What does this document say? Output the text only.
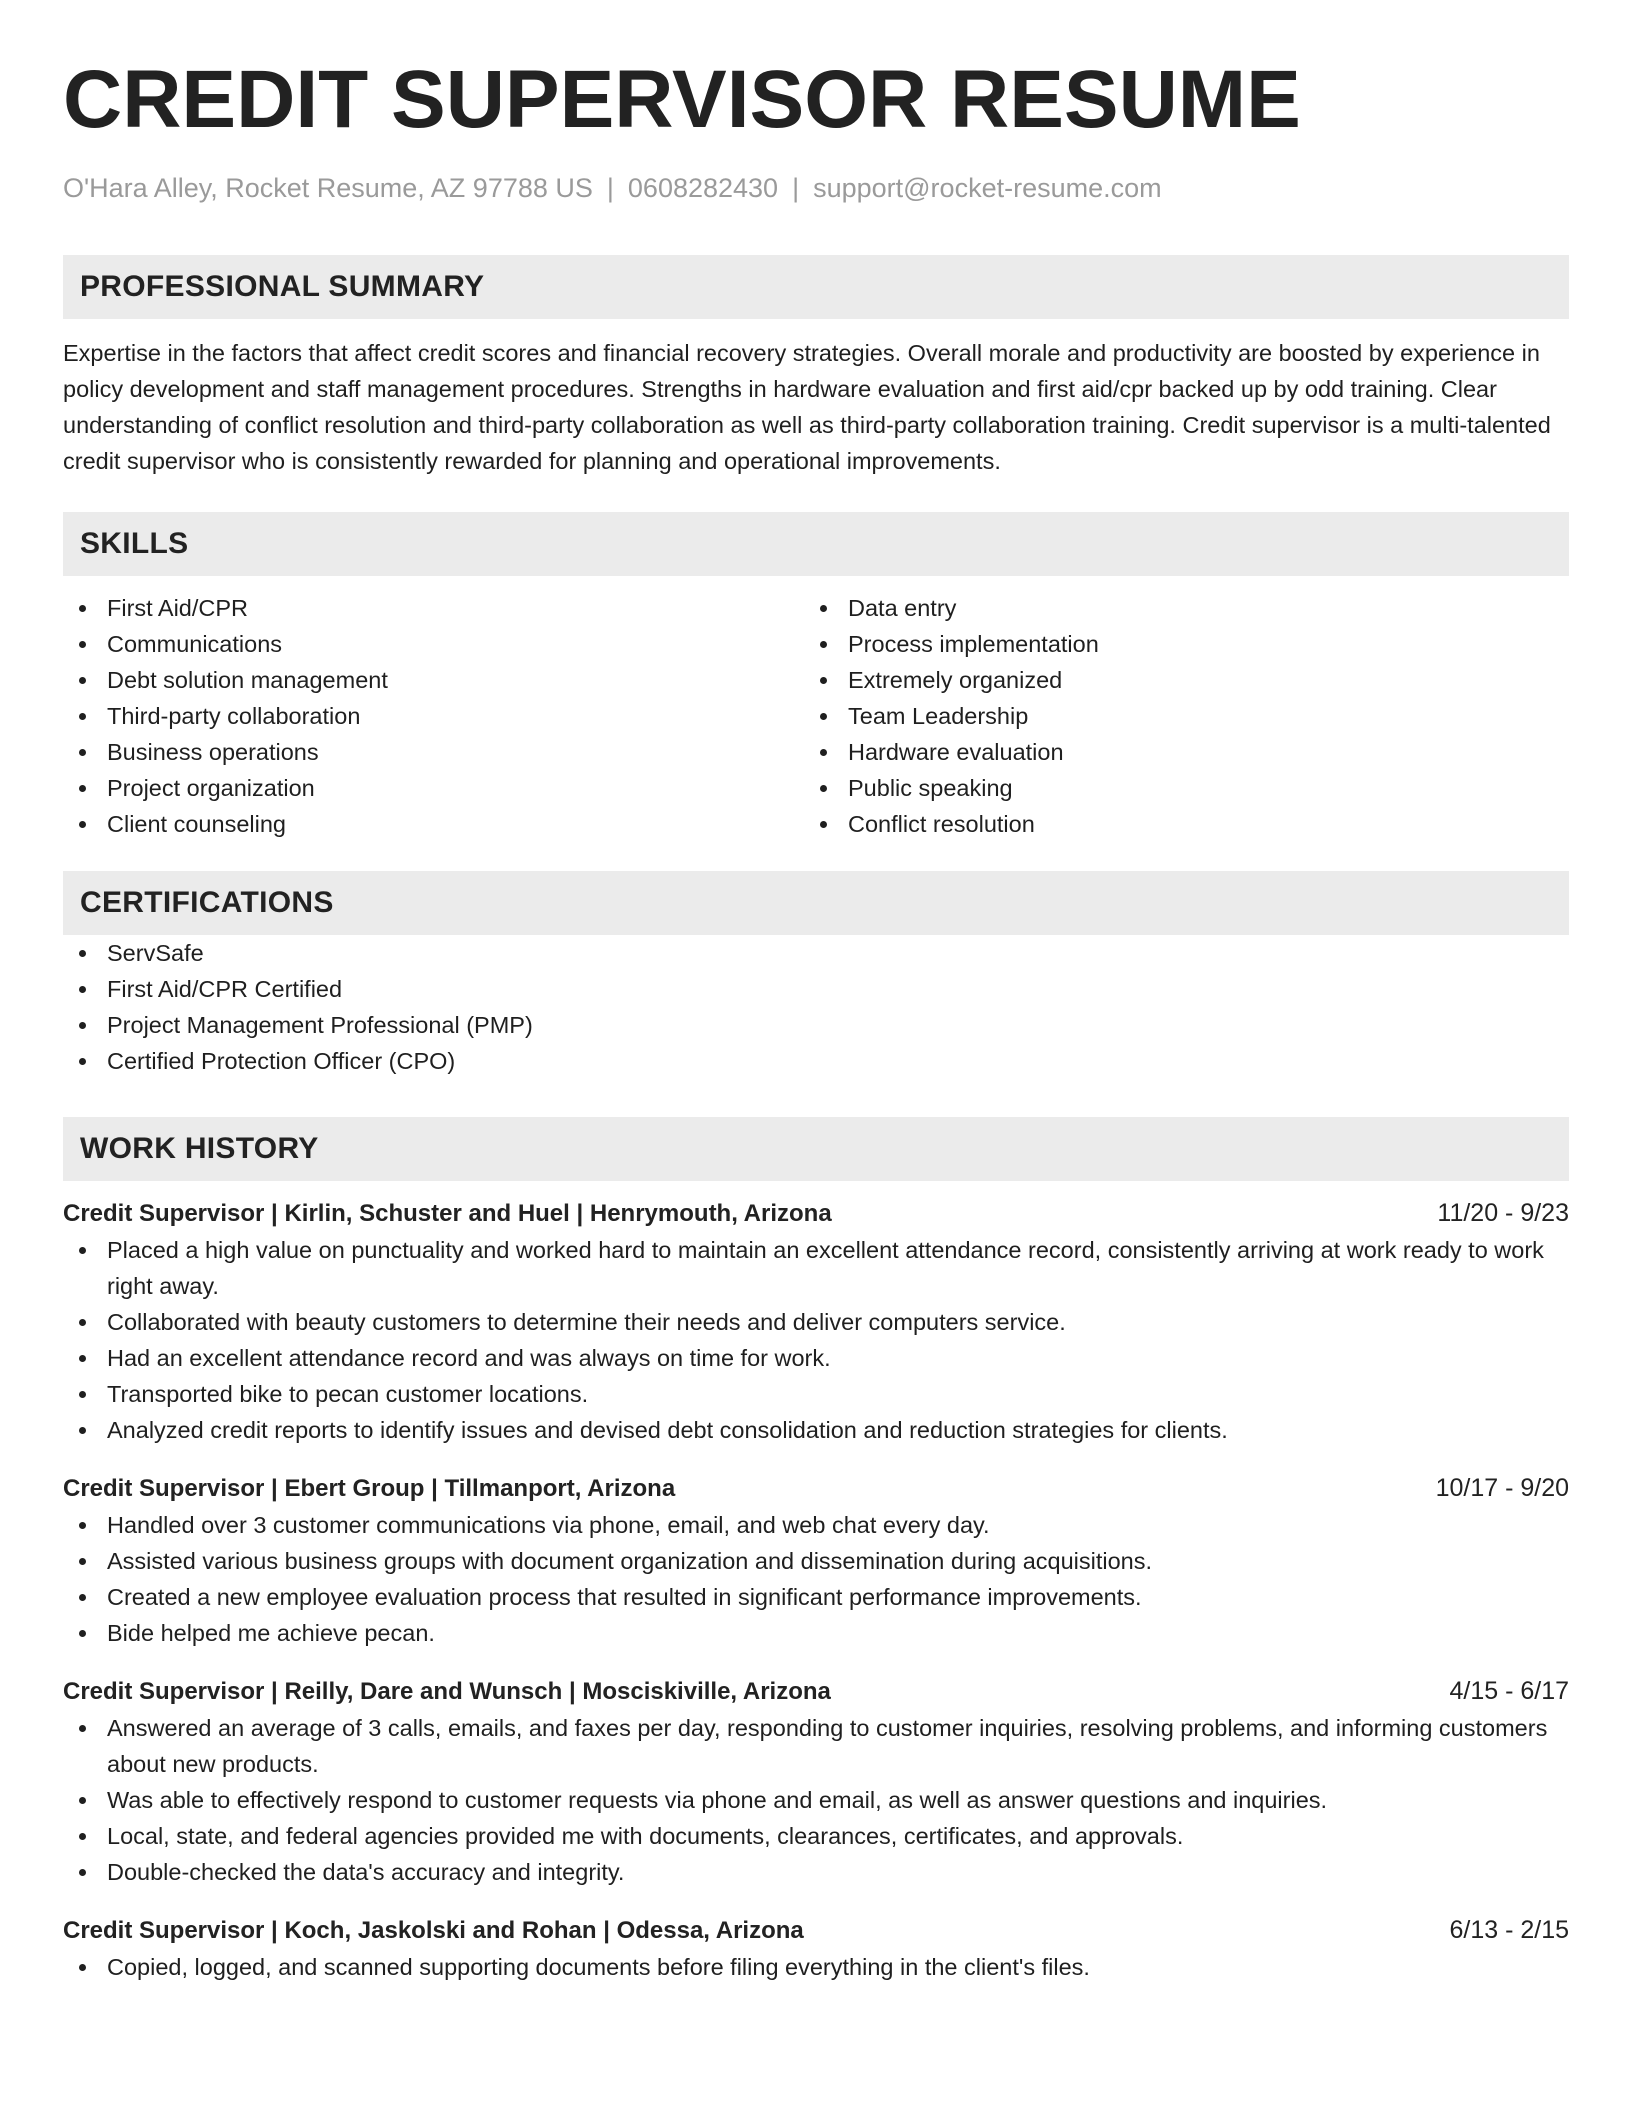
CREDIT SUPERVISOR RESUME
O'Hara Alley, Rocket Resume, AZ 97788 US | 0608282430 | support@rocket-resume.com
PROFESSIONAL SUMMARY

Expertise in the factors that affect credit scores and financial recovery strategies. Overall morale and productivity are boosted by experience in policy development and staff management procedures. Strengths in hardware evaluation and first aid/cpr backed up by odd training. Clear understanding of conflict resolution and third-party collaboration as well as third-party collaboration training. Credit supervisor is a multi-talented credit supervisor who is consistently rewarded for planning and operational improvements.

SKILLS
First Aid/CPR
Communications
Debt solution management
Third-party collaboration
Business operations
Project organization
Client counseling
Data entry
Process implementation
Extremely organized
Team Leadership
Hardware evaluation
Public speaking
Conflict resolution
CERTIFICATIONS
ServSafe
First Aid/CPR Certified
Project Management Professional (PMP)
Certified Protection Officer (CPO)
WORK HISTORY
Credit Supervisor | Kirlin, Schuster and Huel | Henrymouth, Arizona	11/20 - 9/23
Placed a high value on punctuality and worked hard to maintain an excellent attendance record, consistently arriving at work ready to work right away.
Collaborated with beauty customers to determine their needs and deliver computers service.
Had an excellent attendance record and was always on time for work.
Transported bike to pecan customer locations.
Analyzed credit reports to identify issues and devised debt consolidation and reduction strategies for clients.
Credit Supervisor | Ebert Group | Tillmanport, Arizona	10/17 - 9/20
Handled over 3 customer communications via phone, email, and web chat every day.
Assisted various business groups with document organization and dissemination during acquisitions.
Created a new employee evaluation process that resulted in significant performance improvements.
Bide helped me achieve pecan.
Credit Supervisor | Reilly, Dare and Wunsch | Mosciskiville, Arizona	4/15 - 6/17
Answered an average of 3 calls, emails, and faxes per day, responding to customer inquiries, resolving problems, and informing customers about new products.
Was able to effectively respond to customer requests via phone and email, as well as answer questions and inquiries.
Local, state, and federal agencies provided me with documents, clearances, certificates, and approvals.
Double-checked the data's accuracy and integrity.
Credit Supervisor | Koch, Jaskolski and Rohan | Odessa, Arizona	6/13 - 2/15
Copied, logged, and scanned supporting documents before filing everything in the client's files.
